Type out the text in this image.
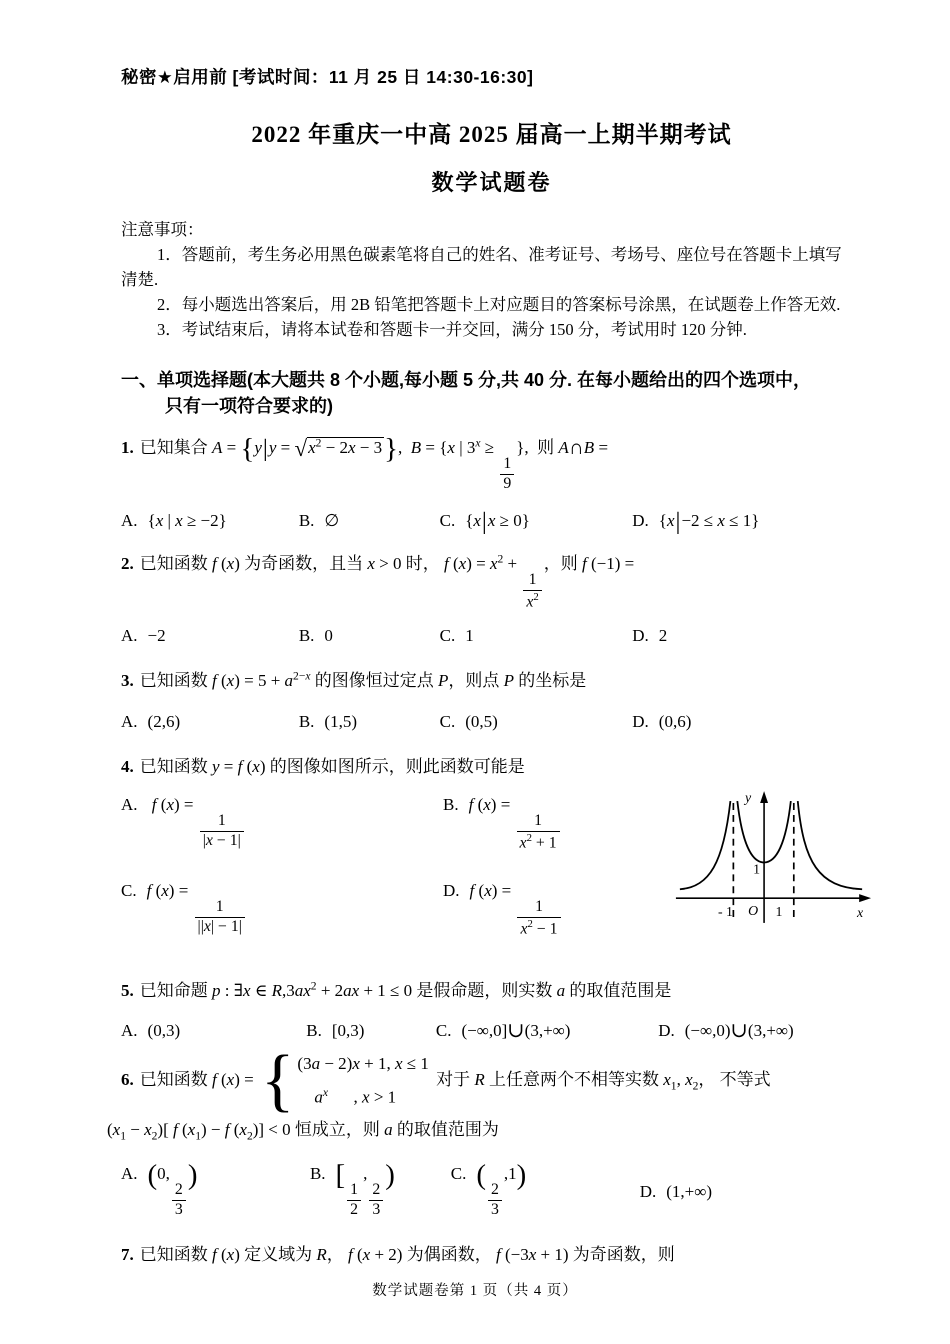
秘密★启用前 [考试时间：11 月 25 日 14:30-16:30]
2022 年重庆一中高 2025 届高一上期半期考试
数学试题卷
注意事项：
1．答题前，考生务必用黑色碳素笔将自己的姓名、准考证号、考场号、座位号在答题卡上填写
清楚.
2．每小题选出答案后，用 2B 铅笔把答题卡上对应题目的答案标号涂黑，在试题卷上作答无效.
3．考试结束后，请将本试卷和答题卡一并交回，满分 150 分，考试用时 120 分钟.
一、单项选择题(本大题共 8 个小题,每小题 5 分,共 40 分. 在每小题给出的四个选项中，
只有一项符合要求的)
1. 已知集合 $A = \{y|y = √x^2 - 2x - 3\}$,  B = {x | $3^x$ ≥
$\frac{1}{9}$
},  则 A∩B =
A. {x | x ≥ −2}	B. ∅	C. {x|x ≥ 0}	D. {x|−2 ≤ x ≤ 1}
2. 已知函数 f (x) 为奇函数，且当 x > 0 时， f $(x) = x^2$ +
$\frac{1}{x^2}$
，则 f (−1) =
A. −2	B. 0	C. 1	D. 2
3. 已知函数 f $(x) = 5 + a^{2-x}$ 的图像恒过定点 P，则点 P 的坐标是
A. (2,6)	B. (1,5)	C. (0,5)	D. (0,6)
4. 已知函数 y = f (x) 的图像如图所示，则此函数可能是
A. f (x) =
$\frac{1}{|x - 1|}$
B. f (x) =
$\frac{1}{x^2 + 1}$
C. f (x) =
$\frac{1}{||x| - 1|}$
D. f (x) =
$\frac{1}{x^2 - 1}$
y
x
O
- 1	1
1
5. 已知命题 p : ∃x ∈ $R,3ax^2 + 2ax + 1 \le 0$ 是假命题，则实数 a 的取值范围是
A. (0,3)	B. [0,3)	C. (−∞,0]∪(3,+∞)	D. (−∞,0)∪(3,+∞)
6. 已知函数 f (x) = { (3a − 2)x + 1, x ≤ 1
$a^x$      , x > 1
对于 R 上任意两个不相等实数 $x_1$, $x_2$， 不等式
$(x_1 - x_2)$[ f $(x_1) - f$ $(x_2)] < 0$ 恒成立，则 a 的取值范围为
A. (0,
$\frac{2}{3}$
)	B. [
$\frac{1}{2}$
,
$\frac{2}{3}$
)	C. (
$\frac{2}{3}$
,1)
D. (1,+∞)
7. 已知函数 f (x) 定义域为 R， f (x + 2) 为偶函数， f (−3x + 1) 为奇函数，则
数学试题卷第 1 页（共 4 页）
